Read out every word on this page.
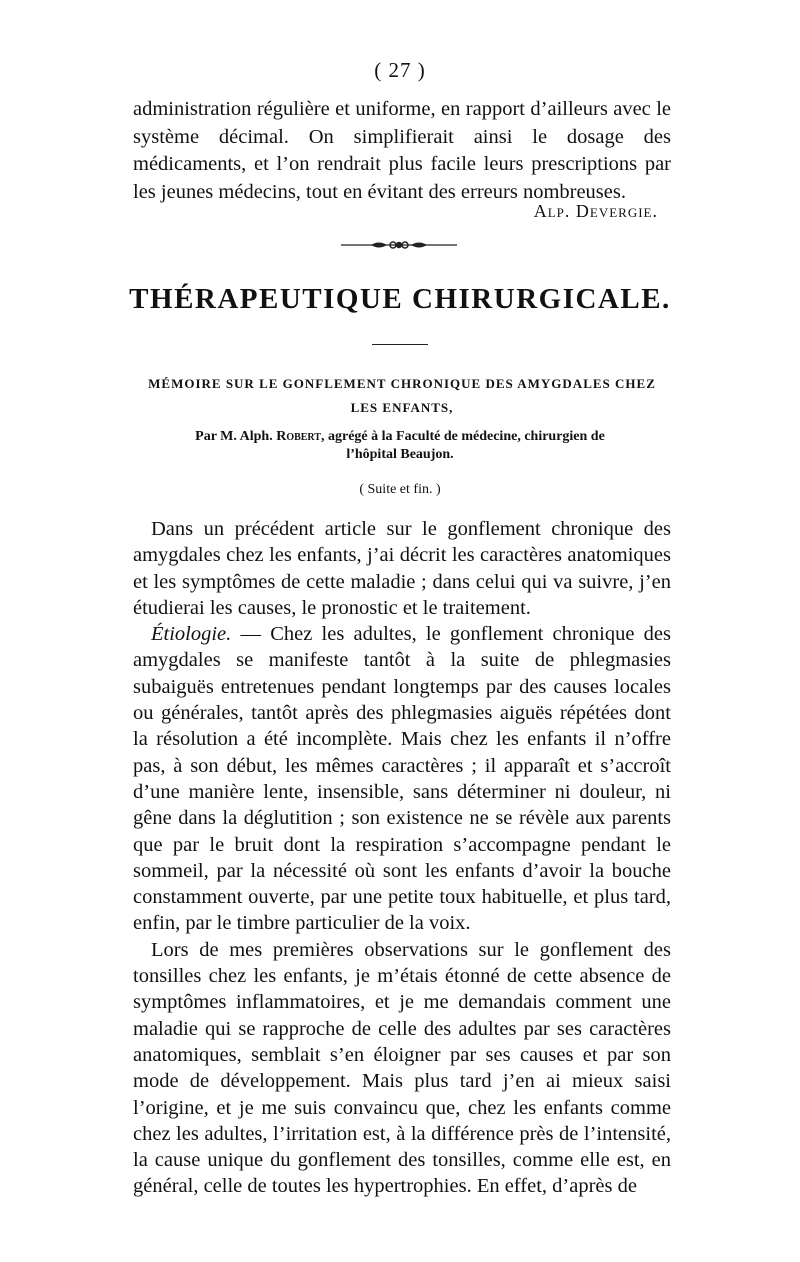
( 27 )

administration régulière et uniforme, en rapport d’ailleurs avec le système décimal. On simplifierait ainsi le dosage des médicaments, et l’on rendrait plus facile leurs prescriptions par les jeunes médecins, tout en évitant des erreurs nombreuses.

Alp. Devergie.
THÉRAPEUTIQUE CHIRURGICALE.
MÉMOIRE SUR LE GONFLEMENT CHRONIQUE DES AMYGDALES CHEZ LES ENFANTS,
Par M. Alph. Robert, agrégé à la Faculté de médecine, chirurgien de l’hôpital Beaujon.
( Suite et fin. )

Dans un précédent article sur le gonflement chronique des amygdales chez les enfants, j’ai décrit les caractères anatomiques et les symptômes de cette maladie ; dans celui qui va suivre, j’en étudierai les causes, le pronostic et le traitement.

Étiologie. — Chez les adultes, le gonflement chronique des amygdales se manifeste tantôt à la suite de phlegmasies subaiguës entretenues pendant longtemps par des causes locales ou générales, tantôt après des phlegmasies aiguës répétées dont la résolution a été incomplète. Mais chez les enfants il n’offre pas, à son début, les mêmes caractères ; il apparaît et s’accroît d’une manière lente, insensible, sans déterminer ni douleur, ni gêne dans la déglutition ; son existence ne se révèle aux parents que par le bruit dont la respiration s’accompagne pendant le sommeil, par la nécessité où sont les enfants d’avoir la bouche constamment ouverte, par une petite toux habituelle, et plus tard, enfin, par le timbre particulier de la voix.

Lors de mes premières observations sur le gonflement des tonsilles chez les enfants, je m’étais étonné de cette absence de symptômes inflammatoires, et je me demandais comment une maladie qui se rapproche de celle des adultes par ses caractères anatomiques, semblait s’en éloigner par ses causes et par son mode de développement. Mais plus tard j’en ai mieux saisi l’origine, et je me suis convaincu que, chez les enfants comme chez les adultes, l’irritation est, à la différence près de l’intensité, la cause unique du gonflement des tonsilles, comme elle est, en général, celle de toutes les hypertrophies. En effet, d’après de
